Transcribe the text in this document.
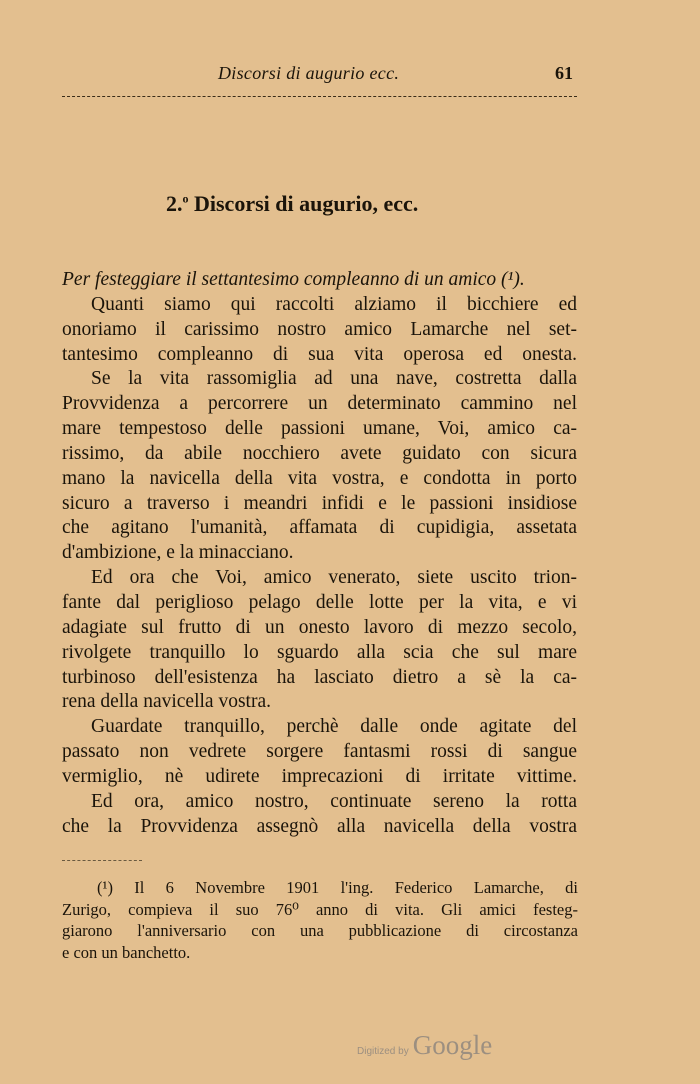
Discorsi di augurio ecc.	61
2.$^o$ Discorsi di augurio, ecc.
Per festeggiare il settantesimo compleanno di un amico (¹).
Quanti siamo qui raccolti alziamo il bicchiere ed
onoriamo il carissimo nostro amico Lamarche nel set-
tantesimo compleanno di sua vita operosa ed onesta.
Se la vita rassomiglia ad una nave, costretta dalla
Provvidenza a percorrere un determinato cammino nel
mare tempestoso delle passioni umane, Voi, amico ca-
rissimo, da abile nocchiero avete guidato con sicura
mano la navicella della vita vostra, e condotta in porto
sicuro a traverso i meandri infidi e le passioni insidiose
che agitano l'umanità, affamata di cupidigia, assetata
d'ambizione, e la minacciano.
Ed ora che Voi, amico venerato, siete uscito trion-
fante dal periglioso pelago delle lotte per la vita, e vi
adagiate sul frutto di un onesto lavoro di mezzo secolo,
rivolgete tranquillo lo sguardo alla scia che sul mare
turbinoso dell'esistenza ha lasciato dietro a sè la ca-
rena della navicella vostra.
Guardate tranquillo, perchè dalle onde agitate del
passato non vedrete sorgere fantasmi rossi di sangue
vermiglio, nè udirete imprecazioni di irritate vittime.
Ed ora, amico nostro, continuate sereno la rotta
che la Provvidenza assegnò alla navicella della vostra
(¹) Il 6 Novembre 1901 l'ing. Federico Lamarche, di
Zurigo, compieva il suo 76⁰ anno di vita. Gli amici festeg-
giarono l'anniversario con una pubblicazione di circostanza
e con un banchetto.
Digitized by Google
